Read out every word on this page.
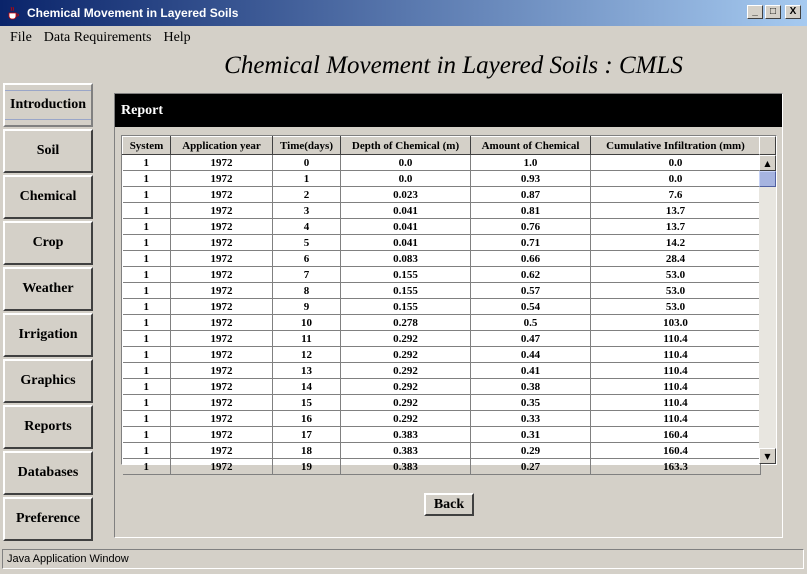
Chemical Movement in Layered Soils	_	□	X
File Data Requirements Help
Chemical Movement in Layered Soils : CMLS
Introduction
Soil
Chemical
Crop
Weather
Irrigation
Graphics
Reports
Databases
Preference
Report
System	Application year	Time(days)	Depth of Chemical (m)	Amount of Chemical	Cumulative Infiltration (mm)
1	1972	0	0.0	1.0	0.0
1	1972	1	0.0	0.93	0.0
1	1972	2	0.023	0.87	7.6
1	1972	3	0.041	0.81	13.7
1	1972	4	0.041	0.76	13.7
1	1972	5	0.041	0.71	14.2
1	1972	6	0.083	0.66	28.4
1	1972	7	0.155	0.62	53.0
1	1972	8	0.155	0.57	53.0
1	1972	9	0.155	0.54	53.0
1	1972	10	0.278	0.5	103.0
1	1972	11	0.292	0.47	110.4
1	1972	12	0.292	0.44	110.4
1	1972	13	0.292	0.41	110.4
1	1972	14	0.292	0.38	110.4
1	1972	15	0.292	0.35	110.4
1	1972	16	0.292	0.33	110.4
1	1972	17	0.383	0.31	160.4
1	1972	18	0.383	0.29	160.4
1	1972	19	0.383	0.27	163.3
▲
▼
Back
Java Application Window
